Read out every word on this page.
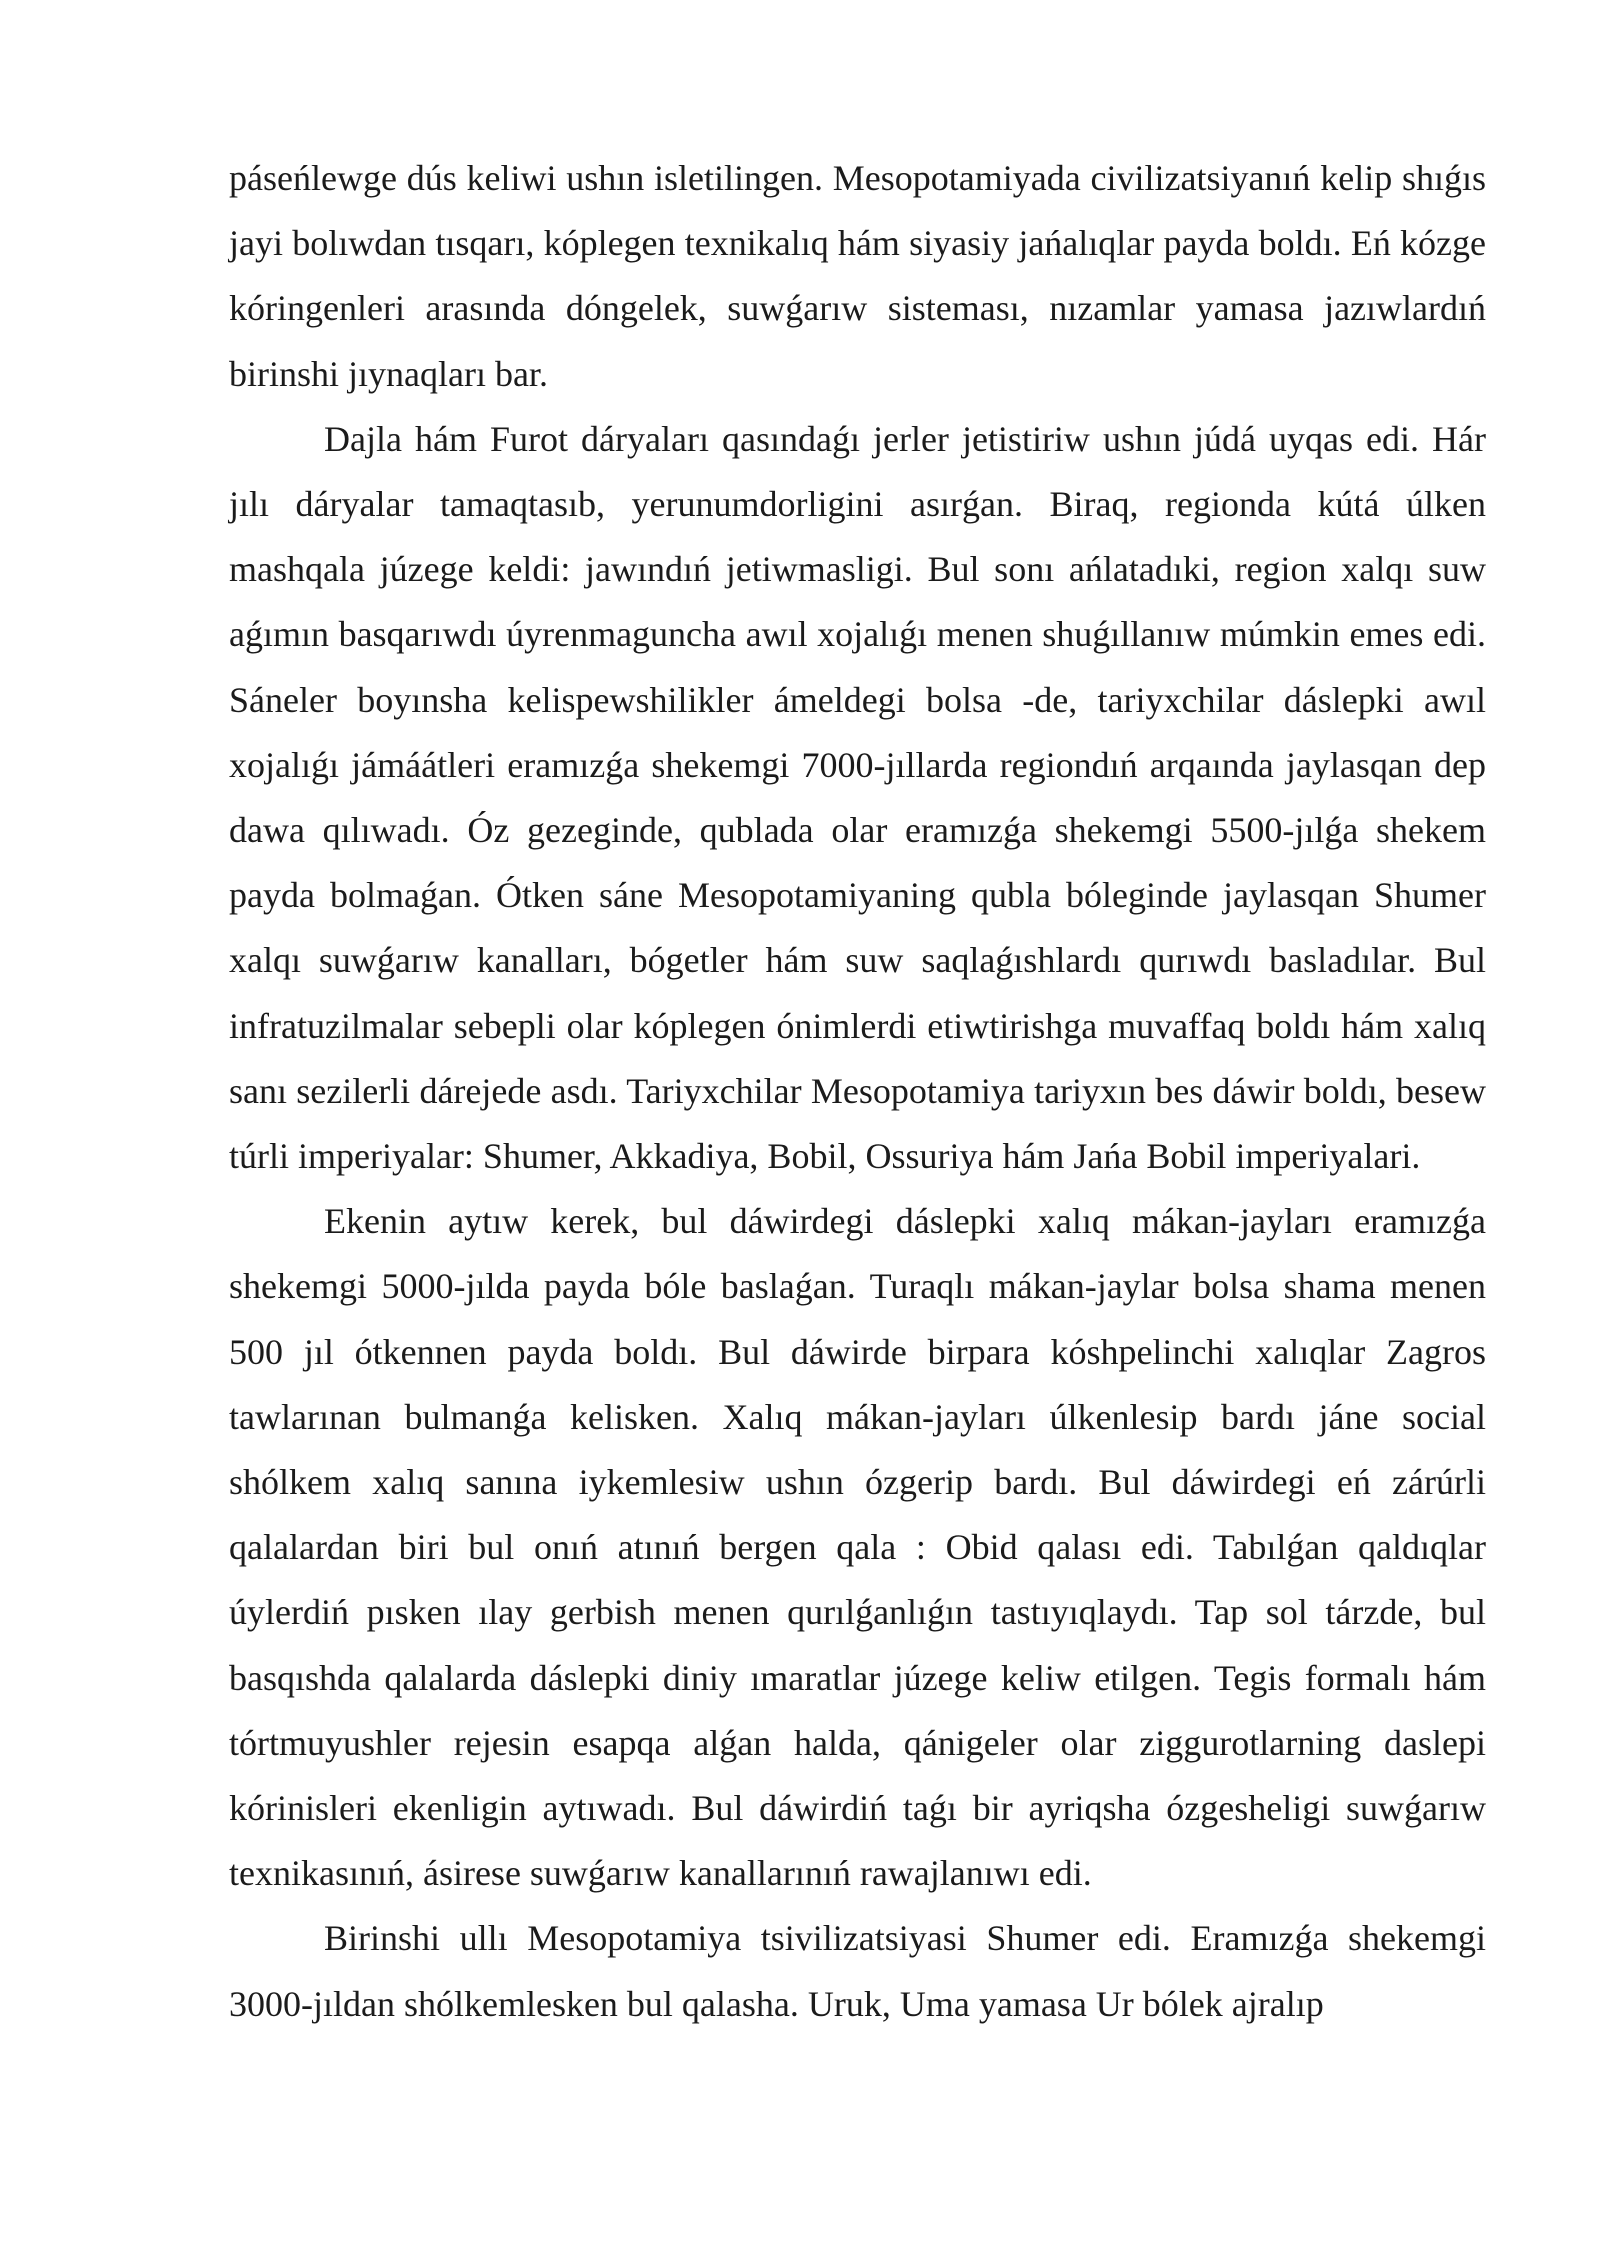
páseńlewge dús keliwi ushın isletilingen. Mesopotamiyada civilizatsiyanıń kelip shıǵıs jayi bolıwdan tısqarı, kóplegen texnikalıq hám siyasiy jańalıqlar payda boldı. Eń kózge kóringenleri arasında dóngelek, suwǵarıw sisteması, nızamlar yamasa jazıwlardıń birinshi jıynaqları bar.

Dajla hám Furot dáryaları qasındaǵı jerler jetistiriw ushın júdá uyqas edi. Hár jılı dáryalar tamaqtasıb, yerunumdorligini asırǵan. Biraq, regionda kútá úlken mashqala júzege keldi: jawındıń jetiwmasligi. Bul sonı ańlatadıki, region xalqı suw aǵımın basqarıwdı úyrenmaguncha awıl xojalıǵı menen shuǵıllanıw múmkin emes edi. Sáneler boyınsha kelispewshilikler ámeldegi bolsa -de, tariyxchilar dáslepki awıl xojalıǵı jámáátleri eramızǵa shekemgi 7000-jıllarda regiondıń arqaında jaylasqan dep dawa qılıwadı. Óz gezeginde, qublada olar eramızǵa shekemgi 5500-jılǵa shekem payda bolmaǵan. Ótken sáne Mesopotamiyaning qubla bóleginde jaylasqan Shumer xalqı suwǵarıw kanalları, bógetler hám suw saqlaǵıshlardı qurıwdı basladılar. Bul infratuzilmalar sebepli olar kóplegen ónimlerdi etiwtirishga muvaffaq boldı hám xalıq sanı sezilerli dárejede asdı. Tariyxchilar Mesopotamiya tariyxın bes dáwir boldı, besew túrli imperiyalar: Shumer, Akkadiya, Bobil, Ossuriya hám Jańa Bobil imperiyalari.

Ekenin aytıw kerek, bul dáwirdegi dáslepki xalıq mákan-jayları eramızǵa shekemgi 5000-jılda payda bóle baslaǵan. Turaqlı mákan-jaylar bolsa shama menen 500 jıl ótkennen payda boldı. Bul dáwirde birpara kóshpelinchi xalıqlar Zagros tawlarınan bulmanǵa kelisken. Xalıq mákan-jayları úlkenlesip bardı jáne social shólkem xalıq sanına iykemlesiw ushın ózgerip bardı. Bul dáwirdegi eń zárúrli qalalardan biri bul onıń atınıń bergen qala : Obid qalası edi. Tabılǵan qaldıqlar úylerdiń pısken ılay gerbish menen qurılǵanlıǵın tastıyıqlaydı. Tap sol tárzde, bul basqıshda qalalarda dáslepki diniy ımaratlar júzege keliw etilgen. Tegis formalı hám tórtmuyushler rejesin esapqa alǵan halda, qánigeler olar ziggurotlarning daslepi kórinisleri ekenligin aytıwadı. Bul dáwirdiń taǵı bir ayriqsha ózgesheligi suwǵarıw texnikasınıń, ásirese suwǵarıw kanallarınıń rawajlanıwı edi.

Birinshi ullı Mesopotamiya tsivilizatsiyasi Shumer edi. Eramızǵa shekemgi 3000-jıldan shólkemlesken bul qalasha. Uruk, Uma yamasa Ur bólek ajralıp
